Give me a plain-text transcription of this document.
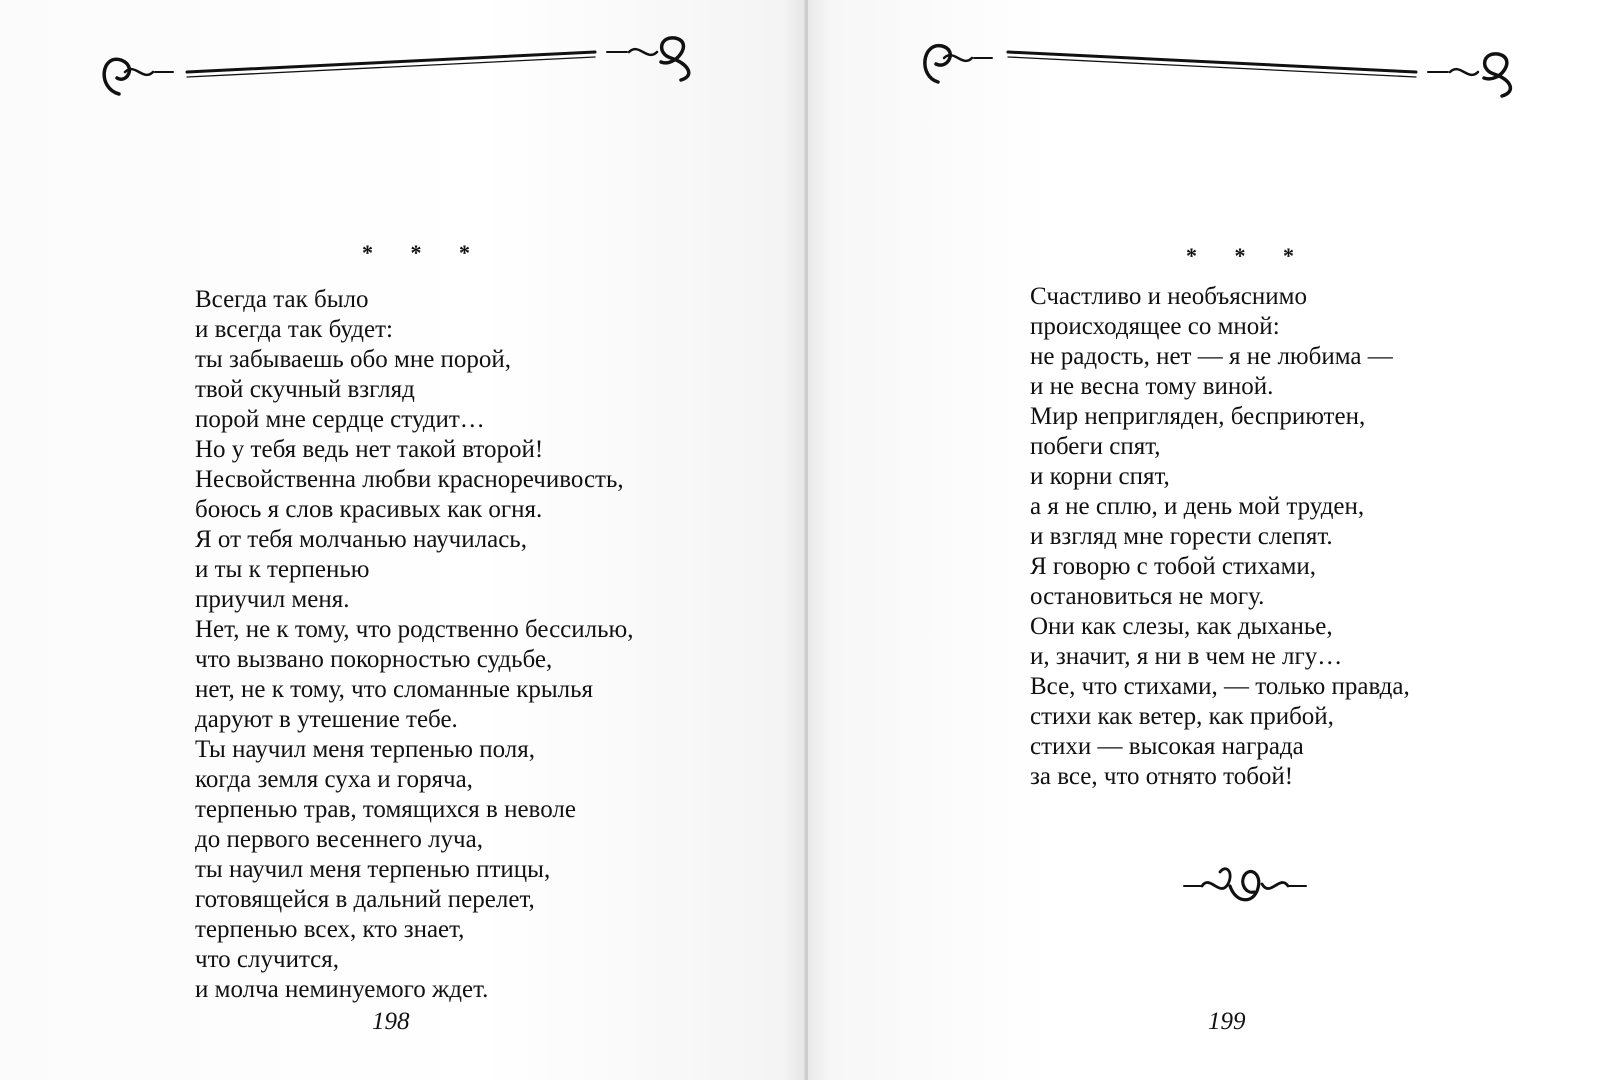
* * *
Всегда так было
и всегда так будет:
ты забываешь обо мне порой,
твой скучный взгляд
порой мне сердце студит…
Но у тебя ведь нет такой второй!
Несвойственна любви красноречивость,
боюсь я слов красивых как огня.
Я от тебя молчанью научилась,
и ты к терпенью
приучил меня.
Нет, не к тому, что родственно бессилью,
что вызвано покорностью судьбе,
нет, не к тому, что сломанные крылья
даруют в утешение тебе.
Ты научил меня терпенью поля,
когда земля суха и горяча,
терпенью трав, томящихся в неволе
до первого весеннего луча,
ты научил меня терпенью птицы,
готовящейся в дальний перелет,
терпенью всех, кто знает,
что случится,
и молча неминуемого ждет.
198
* * *
Счастливо и необъяснимо
происходящее со мной:
не радость, нет — я не любима —
и не весна тому виной.
Мир непригляден, бесприютен,
побеги спят,
и корни спят,
а я не сплю, и день мой труден,
и взгляд мне горести слепят.
Я говорю с тобой стихами,
остановиться не могу.
Они как слезы, как дыханье,
и, значит, я ни в чем не лгу…
Все, что стихами, — только правда,
стихи как ветер, как прибой,
стихи — высокая награда
за все, что отнято тобой!
199
